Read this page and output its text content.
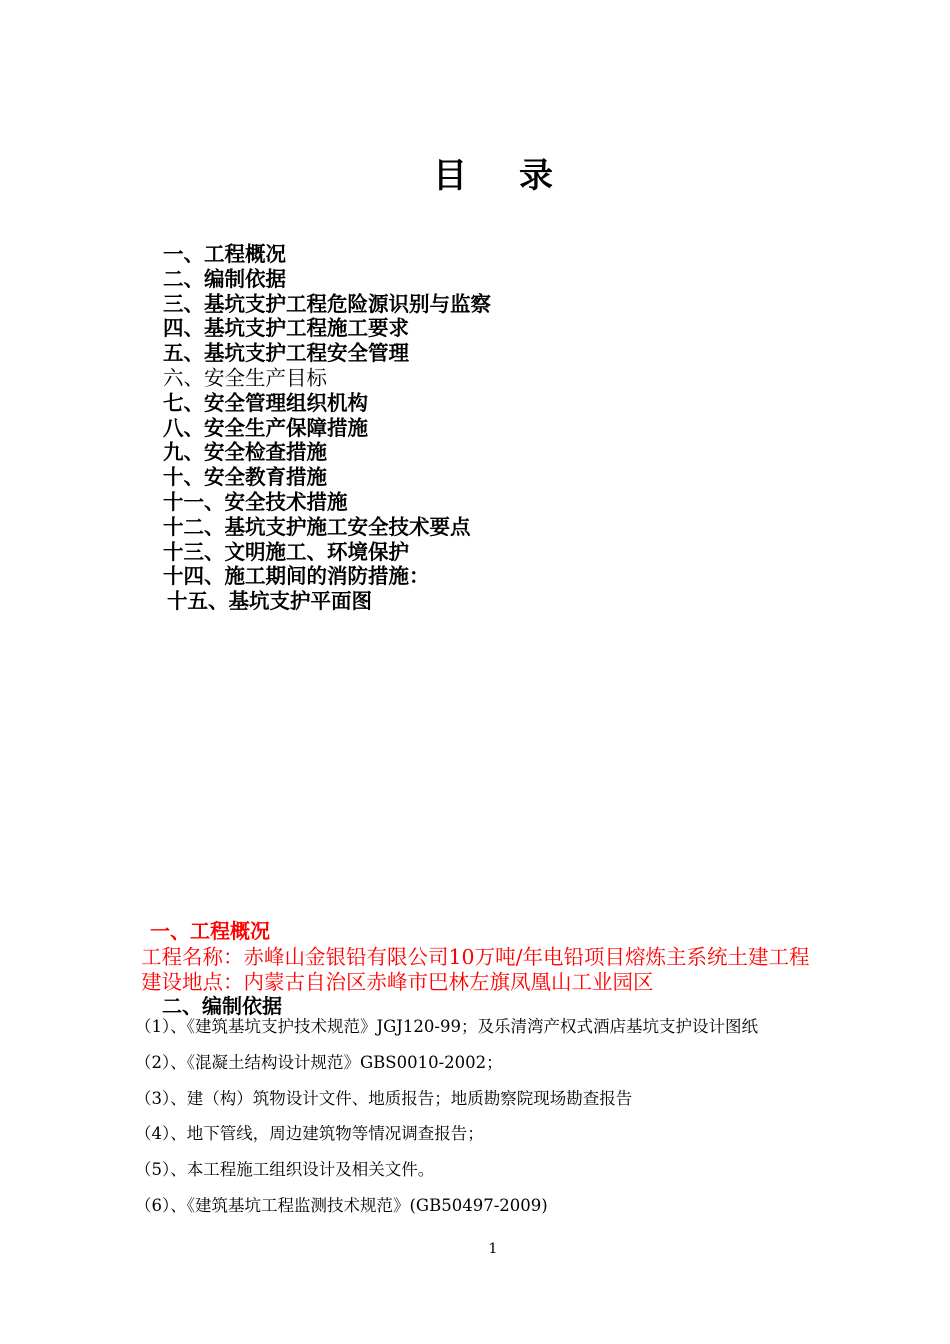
目 录
一、工程概况
二、编制依据
三、基坑支护工程危险源识别与监察
四、基坑支护工程施工要求
五、基坑支护工程安全管理
六、安全生产目标
七、安全管理组织机构
八、安全生产保障措施
九、安全检查措施
十、安全教育措施
十一、安全技术措施
十二、基坑支护施工安全技术要点
十三、文明施工、环境保护
十四、施工期间的消防措施：
十五、基坑支护平面图
一、工程概况
工程名称：赤峰山金银铅有限公司10万吨/年电铅项目熔炼主系统土建工程
建设地点：内蒙古自治区赤峰市巴林左旗凤凰山工业园区
二、编制依据
（1）、《建筑基坑支护技术规范》JGJ120-99；及乐清湾产权式酒店基坑支护设计图纸
（2）、《混凝土结构设计规范》GBS0010-2002；
（3）、建（构）筑物设计文件、地质报告；地质勘察院现场勘查报告
（4）、地下管线，周边建筑物等情况调查报告；
（5）、本工程施工组织设计及相关文件。
（6）、《建筑基坑工程监测技术规范》(GB50497-2009)
1
